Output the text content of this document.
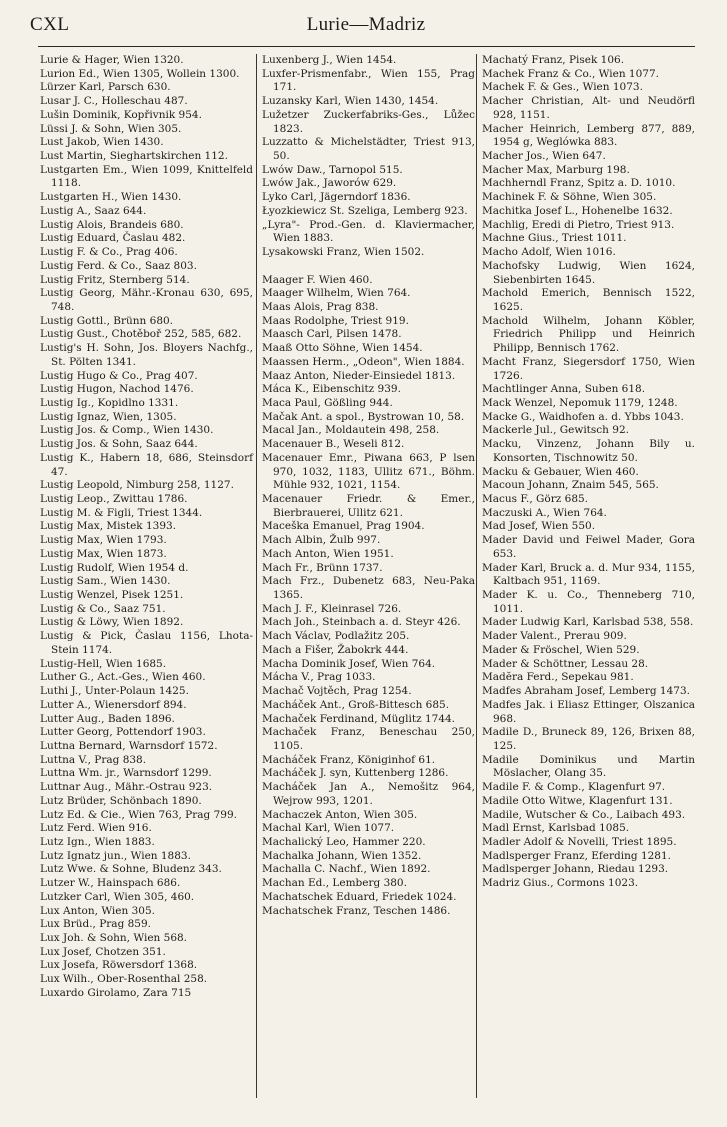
CXL	Lurie—Madriz

Lurie & Hager, Wien 1320.

Lurion Ed., Wien 1305, Wollein 1300.

Lürzer Karl, Parsch 630.

Lusar J. C., Holleschau 487.

Lušin Dominik, Kopřivnik 954.

Lüssi J. & Sohn, Wien 305.

Lust Jakob, Wien 1430.

Lust Martin, Sieghartskirchen 112.

Lustgarten Em., Wien 1099, Knittelfeld 1118.

Lustgarten H., Wien 1430.

Lustig A., Saaz 644.

Lustig Alois, Brandeis 680.

Lustig Eduard, Časlau 482.

Lustig F. & Co., Prag 406.

Lustig Ferd. & Co., Saaz 803.

Lustig Fritz, Sternberg 514.

Lustig Georg, Mähr.-Kronau 630, 695, 748.

Lustig Gottl., Brünn 680.

Lustig Gust., Chotěboř 252, 585, 682.

Lustig's H. Sohn, Jos. Bloyers Nachfg., St. Pölten 1341.

Lustig Hugo & Co., Prag 407.

Lustig Hugon, Nachod 1476.

Lustig Ig., Kopidlno 1331.

Lustig Ignaz, Wien, 1305.

Lustig Jos. & Comp., Wien 1430.

Lustig Jos. & Sohn, Saaz 644.

Lustig K., Habern 18, 686, Steinsdorf 47.

Lustig Leopold, Nimburg 258, 1127.

Lustig Leop., Zwittau 1786.

Lustig M. & Figli, Triest 1344.

Lustig Max, Mistek 1393.

Lustig Max, Wien 1793.

Lustig Max, Wien 1873.

Lustig Rudolf, Wien 1954 d.

Lustig Sam., Wien 1430.

Lustig Wenzel, Pisek 1251.

Lustig & Co., Saaz 751.

Lustig & Löwy, Wien 1892.

Lustig & Pick, Časlau 1156, Lhota-Stein 1174.

Lustig-Hell, Wien 1685.

Luther G., Act.-Ges., Wien 460.

Luthi J., Unter-Polaun 1425.

Lutter A., Wienersdorf 894.

Lutter Aug., Baden 1896.

Lutter Georg, Pottendorf 1903.

Luttna Bernard, Warnsdorf 1572.

Luttna V., Prag 838.

Luttna Wm. jr., Warnsdorf 1299.

Luttnar Aug., Mähr.-Ostrau 923.

Lutz Brüder, Schönbach 1890.

Lutz Ed. & Cie., Wien 763, Prag 799.

Lutz Ferd. Wien 916.

Lutz Ign., Wien 1883.

Lutz Ignatz jun., Wien 1883.

Lutz Wwe. & Sohne, Bludenz 343.

Lutzer W., Hainspach 686.

Lutzker Carl, Wien 305, 460.

Lux Anton, Wien 305.

Lux Brüd., Prag 859.

Lux Joh. & Sohn, Wien 568.

Lux Josef, Chotzen 351.

Lux Josefa, Röwersdorf 1368.

Lux Wilh., Ober-Rosenthal 258.

Luxardo Girolamo, Zara 715

Luxenberg J., Wien 1454.

Luxfer-Prismenfabr., Wien 155, Prag 171.

Luzansky Karl, Wien 1430, 1454.

Lužetzer Zuckerfabriks-Ges., Lůžec 1823.

Luzzatto & Michelstädter, Triest 913, 50.

Lwów Daw., Tarnopol 515.

Lwów Jak., Jaworów 629.

Lyko Carl, Jägerndorf 1836.

Łyozkiewicz St. Szeliga, Lemberg 923.

„Lyra"- Prod.-Gen. d. Klaviermacher, Wien 1883.

Lysakowski Franz, Wien 1502.

Maager F. Wien 460.

Maager Wilhelm, Wien 764.

Maas Alois, Prag 838.

Maas Rodolphe, Triest 919.

Maasch Carl, Pilsen 1478.

Maaß Otto Söhne, Wien 1454.

Maassen Herm., „Odeon", Wien 1884.

Maaz Anton, Nieder-Einsiedel 1813.

Máca K., Eibenschitz 939.

Maca Paul, Gößling 944.

Mačak Ant. a spol., Bystrowan 10, 58.

Macal Jan., Moldautein 498, 258.

Macenauer B., Weseli 812.

Macenauer Emr., Piwana 663, P lsen 970, 1032, 1183, Ullitz 671., Böhm. Mühle 932, 1021, 1154.

Macenauer Friedr. & Emer., Bierbrauerei, Ullitz 621.

Maceška Emanuel, Prag 1904.

Mach Albin, Žulb 997.

Mach Anton, Wien 1951.

Mach Fr., Brünn 1737.

Mach Frz., Dubenetz 683, Neu-Paka 1365.

Mach J. F., Kleinrasel 726.

Mach Joh., Steinbach a. d. Steyr 426.

Mach Václav, Podlažitz 205.

Mach a Fišer, Žabokrk 444.

Macha Dominik Josef, Wien 764.

Mácha V., Prag 1033.

Machač Vojtěch, Prag 1254.

Macháček Ant., Groß-Bittesch 685.

Machaček Ferdinand, Müglitz 1744.

Machaček Franz, Beneschau 250, 1105.

Macháček Franz, Königinhof 61.

Macháček J. syn, Kuttenberg 1286.

Macháček Jan A., Nemošitz 964, Wejrow 993, 1201.

Machaczek Anton, Wien 305.

Machal Karl, Wien 1077.

Machalický Leo, Hammer 220.

Machalka Johann, Wien 1352.

Machalla C. Nachf., Wien 1892.

Machan Ed., Lemberg 380.

Machatschek Eduard, Friedek 1024.

Machatschek Franz, Teschen 1486.

Machatý Franz, Pisek 106.

Machek Franz & Co., Wien 1077.

Machek F. & Ges., Wien 1073.

Macher Christian, Alt- und Neudörfl 928, 1151.

Macher Heinrich, Lemberg 877, 889, 1954 g, Weglówka 883.

Macher Jos., Wien 647.

Macher Max, Marburg 198.

Machherndl Franz, Spitz a. D. 1010.

Machinek F. & Söhne, Wien 305.

Machitka Josef L., Hohenelbe 1632.

Machlig, Eredi di Pietro, Triest 913.

Machne Gius., Triest 1011.

Macho Adolf, Wien 1016.

Machofsky Ludwig, Wien 1624, Siebenbirten 1645.

Machold Emerich, Bennisch 1522, 1625.

Machold Wilhelm, Johann Köbler, Friedrich Philipp und Heinrich Philipp, Bennisch 1762.

Macht Franz, Siegersdorf 1750, Wien 1726.

Machtlinger Anna, Suben 618.

Mack Wenzel, Nepomuk 1179, 1248.

Macke G., Waidhofen a. d. Ybbs 1043.

Mackerle Jul., Gewitsch 92.

Macku, Vinzenz, Johann Bily u. Konsorten, Tischnowitz 50.

Macku & Gebauer, Wien 460.

Macoun Johann, Znaim 545, 565.

Macus F., Görz 685.

Maczuski A., Wien 764.

Mad Josef, Wien 550.

Mader David und Feiwel Mader, Gora 653.

Mader Karl, Bruck a. d. Mur 934, 1155, Kaltbach 951, 1169.

Mader K. u. Co., Thenneberg 710, 1011.

Mader Ludwig Karl, Karlsbad 538, 558.

Mader Valent., Prerau 909.

Mader & Fröschel, Wien 529.

Mader & Schöttner, Lessau 28.

Madĕra Ferd., Sepekau 981.

Madfes Abraham Josef, Lemberg 1473.

Madfes Jak. i Eliasz Ettinger, Olszanica 968.

Madile D., Bruneck 89, 126, Brixen 88, 125.

Madile Dominikus und Martin Möslacher, Olang 35.

Madile F. & Comp., Klagenfurt 97.

Madile Otto Witwe, Klagenfurt 131.

Madile, Wutscher & Co., Laibach 493.

Madl Ernst, Karlsbad 1085.

Madler Adolf & Novelli, Triest 1895.

Madlsperger Franz, Eferding 1281.

Madlsperger Johann, Riedau 1293.

Madriz Gius., Cormons 1023.
